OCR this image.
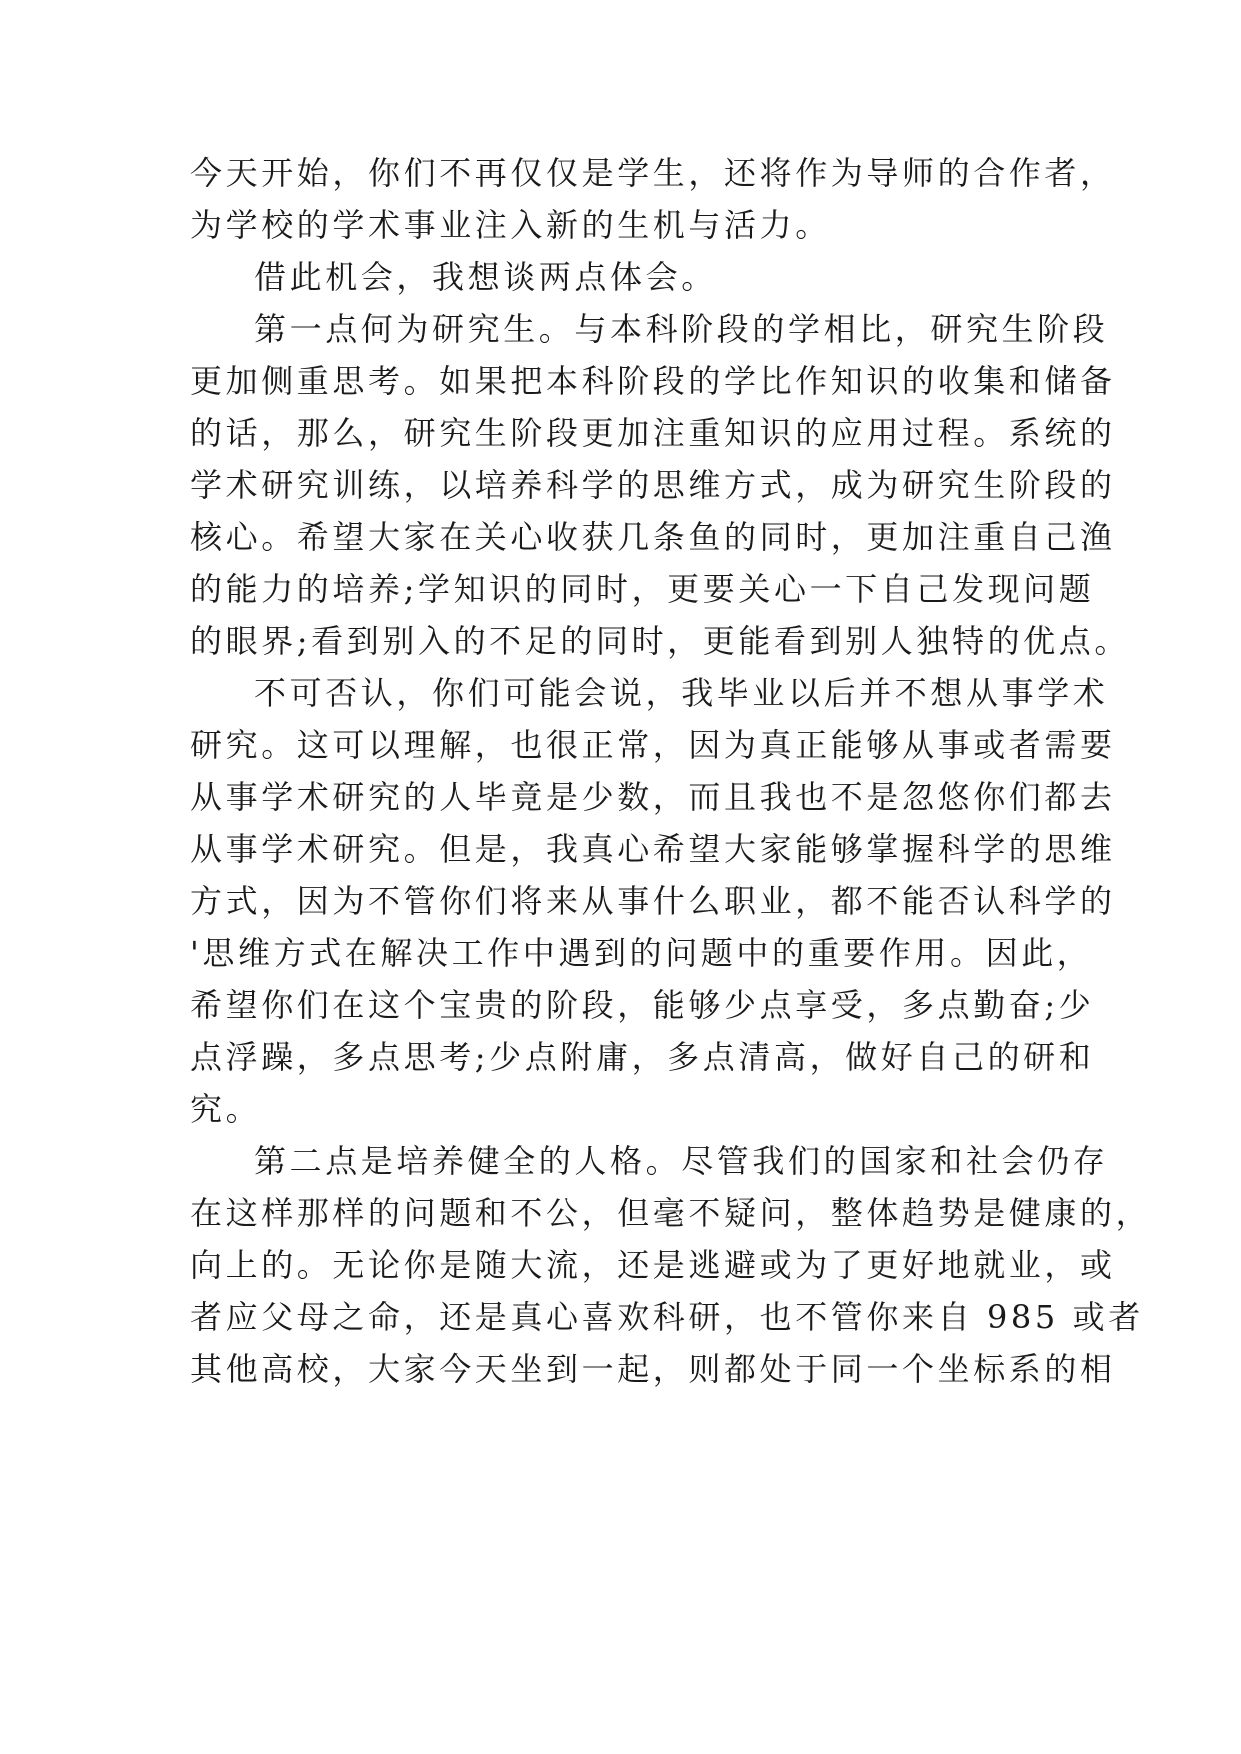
今天开始，你们不再仅仅是学生，还将作为导师的合作者，

为学校的学术事业注入新的生机与活力。

借此机会，我想谈两点体会。

第一点何为研究生。与本科阶段的学相比，研究生阶段

更加侧重思考。如果把本科阶段的学比作知识的收集和储备

的话，那么，研究生阶段更加注重知识的应用过程。系统的

学术研究训练，以培养科学的思维方式，成为研究生阶段的

核心。希望大家在关心收获几条鱼的同时，更加注重自己渔

的能力的培养;学知识的同时，更要关心一下自己发现问题

的眼界;看到别入的不足的同时，更能看到别人独特的优点。

不可否认，你们可能会说，我毕业以后并不想从事学术

研究。这可以理解，也很正常，因为真正能够从事或者需要

从事学术研究的人毕竟是少数，而且我也不是忽悠你们都去

从事学术研究。但是，我真心希望大家能够掌握科学的思维

方式，因为不管你们将来从事什么职业，都不能否认科学的

'思维方式在解决工作中遇到的问题中的重要作用。因此，

希望你们在这个宝贵的阶段，能够少点享受，多点勤奋;少

点浮躁，多点思考;少点附庸，多点清高，做好自己的研和

究。

第二点是培养健全的人格。尽管我们的国家和社会仍存

在这样那样的问题和不公，但毫不疑问，整体趋势是健康的，

向上的。无论你是随大流，还是逃避或为了更好地就业，或

者应父母之命，还是真心喜欢科研，也不管你来自 985 或者

其他高校，大家今天坐到一起，则都处于同一个坐标系的相
